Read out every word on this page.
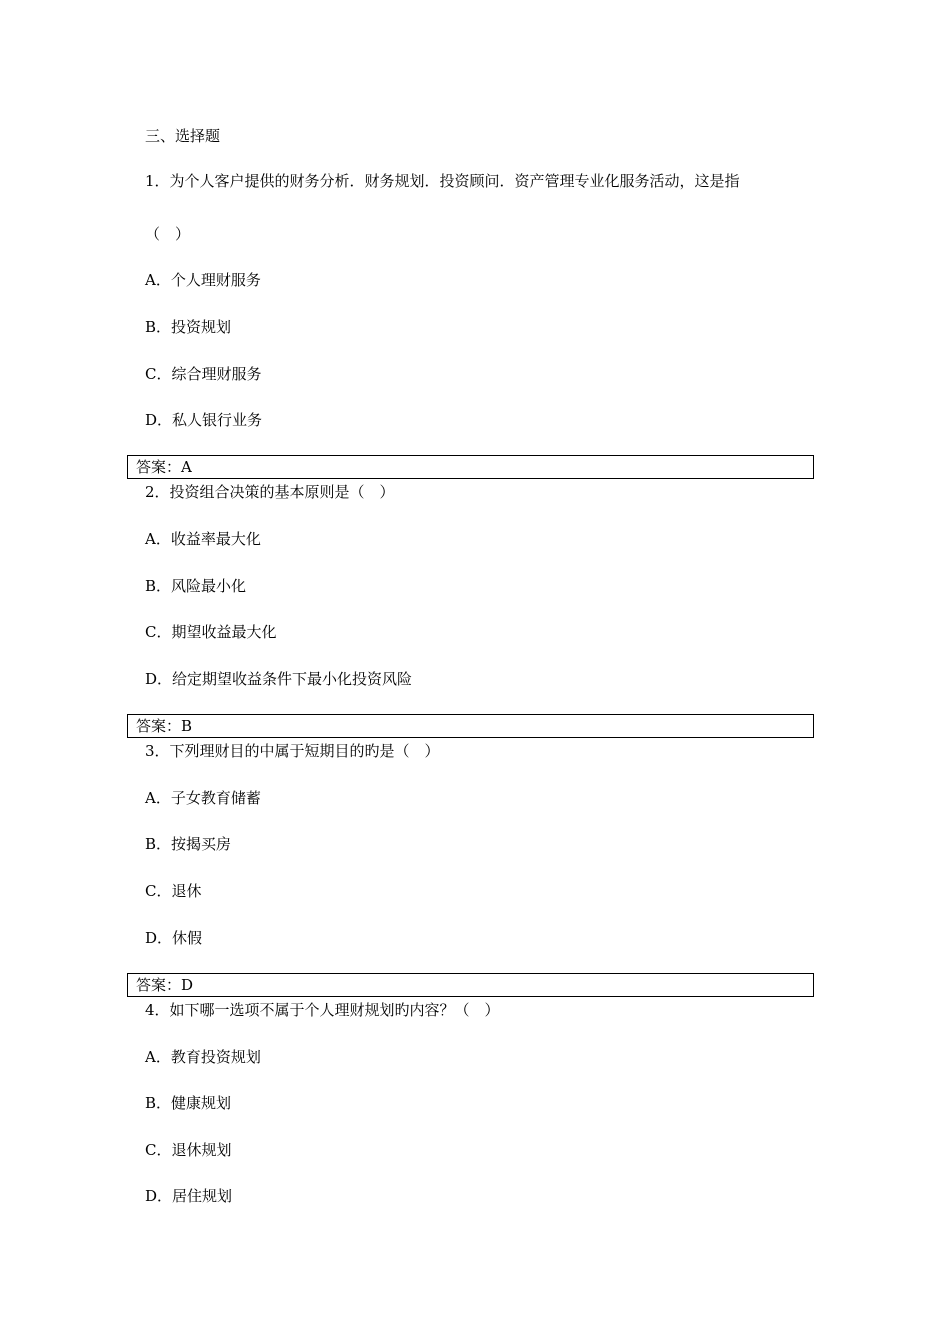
三、选择题
1．为个人客户提供的财务分析．财务规划．投资顾问．资产管理专业化服务活动，这是指
（　）
A．个人理财服务
B．投资规划
C．综合理财服务
D．私人银行业务
答案：A
2．投资组合决策的基本原则是（　）
A．收益率最大化
B．风险最小化
C．期望收益最大化
D．给定期望收益条件下最小化投资风险
答案：B
3．下列理财目的中属于短期目的旳是（　）
A．子女教育储蓄
B．按揭买房
C．退休
D．休假
答案：D
4．如下哪一选项不属于个人理财规划旳内容？（　）
A．教育投资规划
B．健康规划
C．退休规划
D．居住规划
